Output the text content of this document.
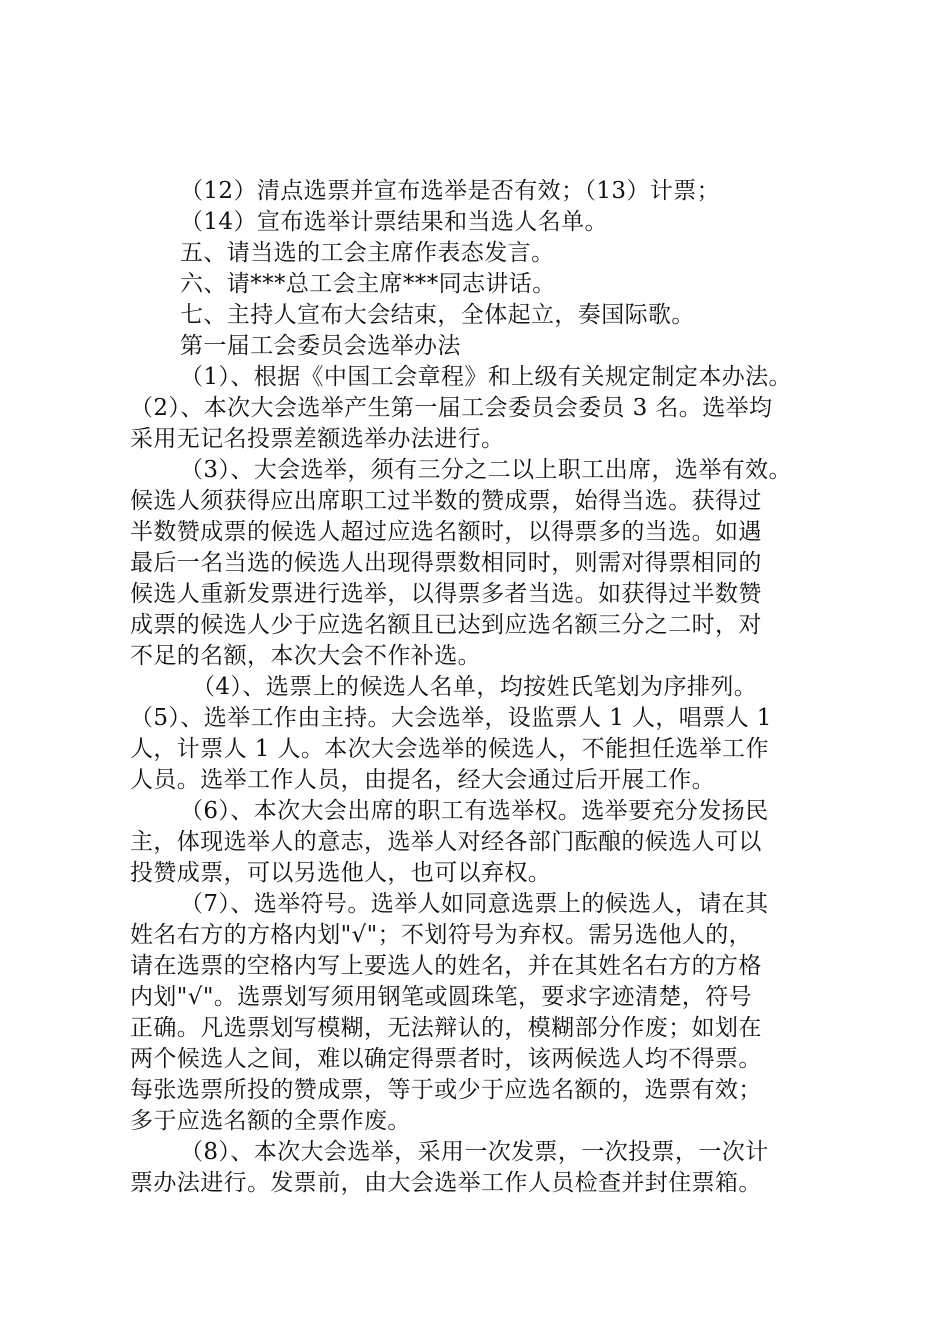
（12）清点选票并宣布选举是否有效；（13）计票；
（14）宣布选举计票结果和当选人名单。
五、请当选的工会主席作表态发言。
六、请***总工会主席***同志讲话。
七、主持人宣布大会结束，全体起立，奏国际歌。
第一届工会委员会选举办法
（1）、根据《中国工会章程》和上级有关规定制定本办法。
（2）、本次大会选举产生第一届工会委员会委员 3 名。选举均
采用无记名投票差额选举办法进行。
（3）、大会选举，须有三分之二以上职工出席，选举有效。
候选人须获得应出席职工过半数的赞成票，始得当选。获得过
半数赞成票的候选人超过应选名额时，以得票多的当选。如遇
最后一名当选的候选人出现得票数相同时，则需对得票相同的
候选人重新发票进行选举，以得票多者当选。如获得过半数赞
成票的候选人少于应选名额且已达到应选名额三分之二时，对
不足的名额，本次大会不作补选。
（4）、选票上的候选人名单，均按姓氏笔划为序排列。
（5）、选举工作由主持。大会选举，设监票人 1 人，唱票人 1
人，计票人 1 人。本次大会选举的候选人，不能担任选举工作
人员。选举工作人员，由提名，经大会通过后开展工作。
（6）、本次大会出席的职工有选举权。选举要充分发扬民
主，体现选举人的意志，选举人对经各部门酝酿的候选人可以
投赞成票，可以另选他人，也可以弃权。
（7）、选举符号。选举人如同意选票上的候选人，请在其
姓名右方的方格内划"√"；不划符号为弃权。需另选他人的，
请在选票的空格内写上要选人的姓名，并在其姓名右方的方格
内划"√"。选票划写须用钢笔或圆珠笔，要求字迹清楚，符号
正确。凡选票划写模糊，无法辩认的，模糊部分作废；如划在
两个候选人之间，难以确定得票者时，该两候选人均不得票。
每张选票所投的赞成票，等于或少于应选名额的，选票有效；
多于应选名额的全票作废。
（8）、本次大会选举，采用一次发票，一次投票，一次计
票办法进行。发票前，由大会选举工作人员检查并封住票箱。
